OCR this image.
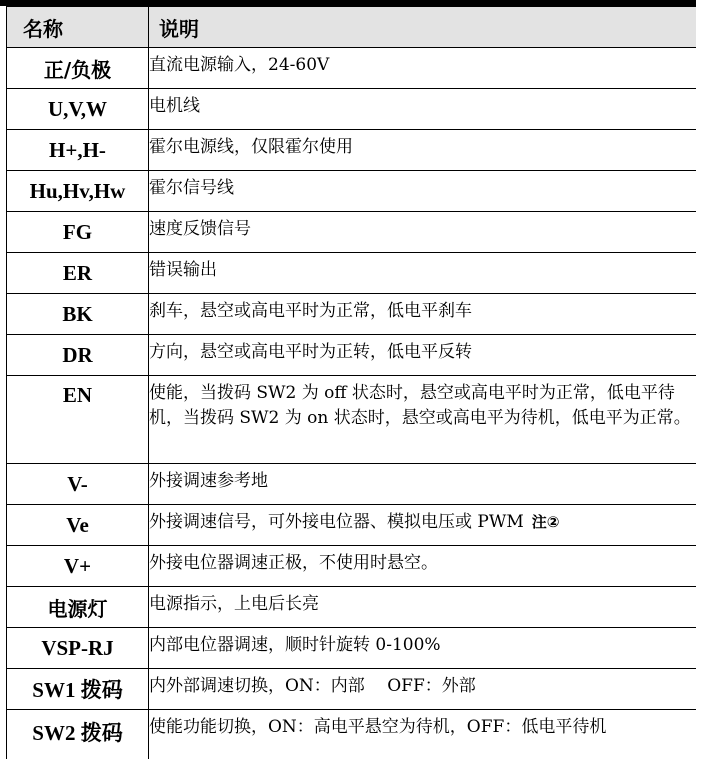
名称	说明
正/负极	直流电源输入，24-60V

U,V,W	电机线

H+,H-	霍尔电源线，仅限霍尔使用

Hu,Hv,Hw	霍尔信号线

FG	速度反馈信号

ER	错误输出

BK	刹车，悬空或高电平时为正常，低电平刹车

DR	方向，悬空或高电平时为正转，低电平反转

EN	使能，当拨码 SW2 为 off 状态时，悬空或高电平时为正常，低电平待机，当拨码 SW2 为 on 状态时，悬空或高电平为待机，低电平为正常。

V-	外接调速参考地

Ve	外接调速信号，可外接电位器、模拟电压或 PWM 注②

V+	外接电位器调速正极，不使用时悬空。

电源灯	电源指示，上电后长亮

VSP-RJ	内部电位器调速，顺时针旋转 0-100%

SW1 拨码	内外部调速切换，ON：内部 　OFF：外部

SW2 拨码	使能功能切换，ON：高电平悬空为待机，OFF：低电平待机
